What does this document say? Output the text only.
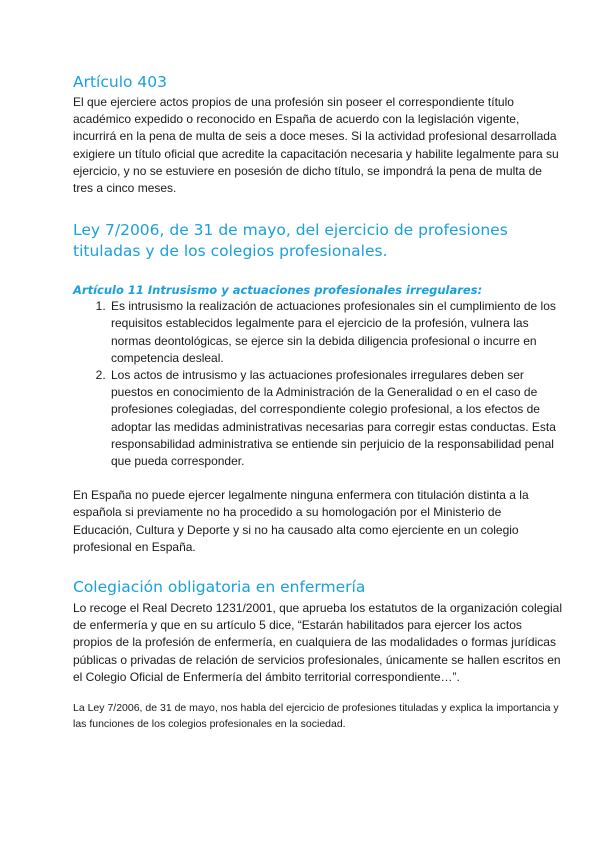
Artículo 403

El que ejerciere actos propios de una profesión sin poseer el correspondiente título académico expedido o reconocido en España de acuerdo con la legislación vigente, incurrirá en la pena de multa de seis a doce meses. Si la actividad profesional desarrollada exigiere un título oficial que acredite la capacitación necesaria y habilite legalmente para su ejercicio, y no se estuviere en posesión de dicho título, se impondrá la pena de multa de tres a cinco meses.

Ley 7/2006, de 31 de mayo, del ejercicio de profesiones tituladas y de los colegios profesionales.
Artículo 11 Intrusismo y actuaciones profesionales irregulares:
1. Es intrusismo la realización de actuaciones profesionales sin el cumplimiento de los requisitos establecidos legalmente para el ejercicio de la profesión, vulnera las normas deontológicas, se ejerce sin la debida diligencia profesional o incurre en competencia desleal.
2. Los actos de intrusismo y las actuaciones profesionales irregulares deben ser puestos en conocimiento de la Administración de la Generalidad o en el caso de profesiones colegiadas, del correspondiente colegio profesional, a los efectos de adoptar las medidas administrativas necesarias para corregir estas conductas. Esta responsabilidad administrativa se entiende sin perjuicio de la responsabilidad penal que pueda corresponder.

En España no puede ejercer legalmente ninguna enfermera con titulación distinta a la española si previamente no ha procedido a su homologación por el Ministerio de Educación, Cultura y Deporte y si no ha causado alta como ejerciente en un colegio profesional en España.

Colegiación obligatoria en enfermería

Lo recoge el Real Decreto 1231/2001, que aprueba los estatutos de la organización colegial de enfermería y que en su artículo 5 dice, “Estarán habilitados para ejercer los actos propios de la profesión de enfermería, en cualquiera de las modalidades o formas jurídicas públicas o privadas de relación de servicios profesionales, únicamente se hallen escritos en el Colegio Oficial de Enfermería del ámbito territorial correspondiente…”.

La Ley 7/2006, de 31 de mayo, nos habla del ejercicio de profesiones tituladas y explica la importancia y las funciones de los colegios profesionales en la sociedad.
